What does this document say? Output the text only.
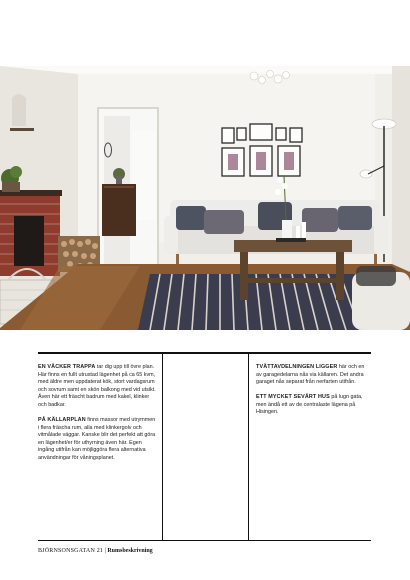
EN VÄCKER TRAPPA tar dig upp till övre plan. Här finns en fullt utrustad lägenhet på ca 65 kvm, med äldre men uppdaterat kök, stort vardagsrum och sovrum samt en skön balkong med vid utsikt.
Även här ett fräscht badrum med kakel, klinker och badkar.

PÅ KÄLLARPLAN finns massor med utrymmen i flera fräscha rum, alla med klinkergolv och vitmålade väggar. Kanske blir det perfekt att göra en lägenhet/er för uthyrning även här. Egen ingång utifrån kan möjliggöra flera alternativa användningar för våningsplanet.

TVÄTTAVDELNINGEN LIGGER här och en av garagedelarna nås via källaren. Det andra garaget nås separat från nerfarten utifrån.

ETT MYCKET SEVÄRT HUS på lugn gata, men ändå ett av de centralaste lägena på Hisingen.

BJÖRNSONSGATAN 21 | Rumsbeskrivning
